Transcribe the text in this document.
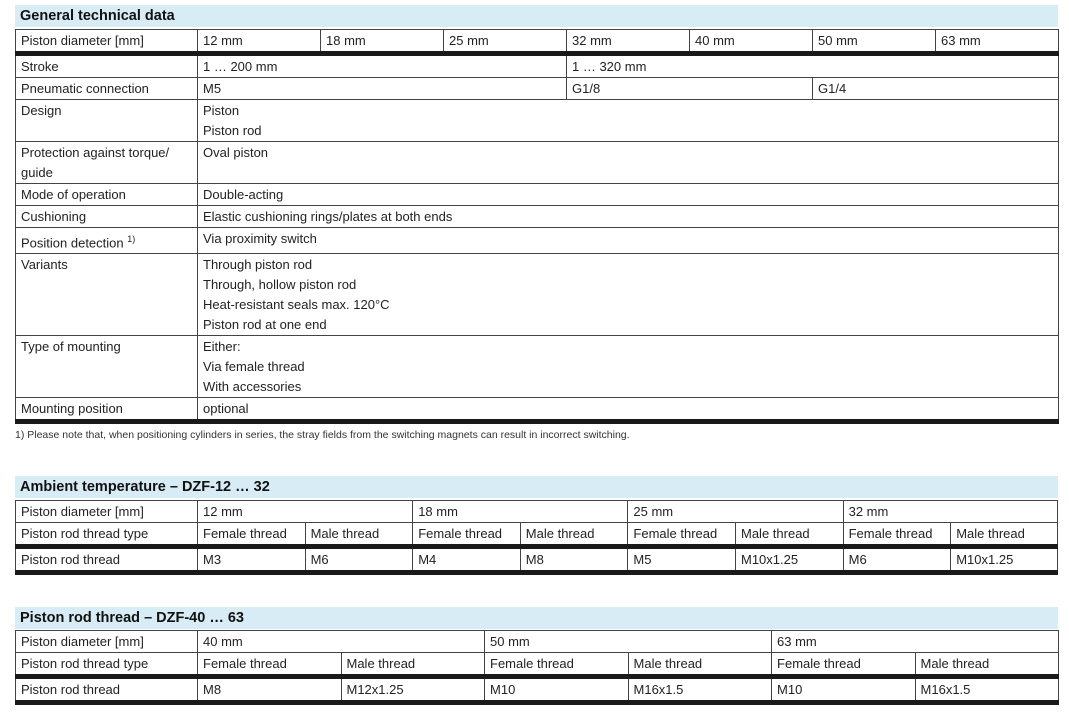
General technical data
Piston diameter [mm]	12 mm	18 mm	25 mm	32 mm	40 mm	50 mm	63 mm
Stroke	1 … 200 mm			1 … 320 mm			
Pneumatic connection	M5			G1/8		G1/4	
Design	Piston
Piston rod						

Protection against torque/ guide	Oval piston						
Mode of operation	Double-acting						
Cushioning	Elastic cushioning rings/plates at both ends						
Position detection $^{1)}$	Via proximity switch						
Variants	Through piston rod
Through, hollow piston rod
Heat-resistant seals max. 120°C
Piston rod at one end						

Type of mounting	Either:
Via female thread
With accessories						

Mounting position	optional						
1) Please note that, when positioning cylinders in series, the stray fields from the switching magnets can result in incorrect switching.
Ambient temperature – DZF-12 … 32
Piston diameter [mm]	12 mm		18 mm		25 mm		32 mm	
Piston rod thread type	Female thread	Male thread	Female thread	Male thread	Female thread	Male thread	Female thread	Male thread
Piston rod thread	M3	M6	M4	M8	M5	M10x1.25	M6	M10x1.25
Piston rod thread – DZF-40 … 63
Piston diameter [mm]	40 mm		50 mm		63 mm	
Piston rod thread type	Female thread	Male thread	Female thread	Male thread	Female thread	Male thread
Piston rod thread	M8	M12x1.25	M10	M16x1.5	M10	M16x1.5
